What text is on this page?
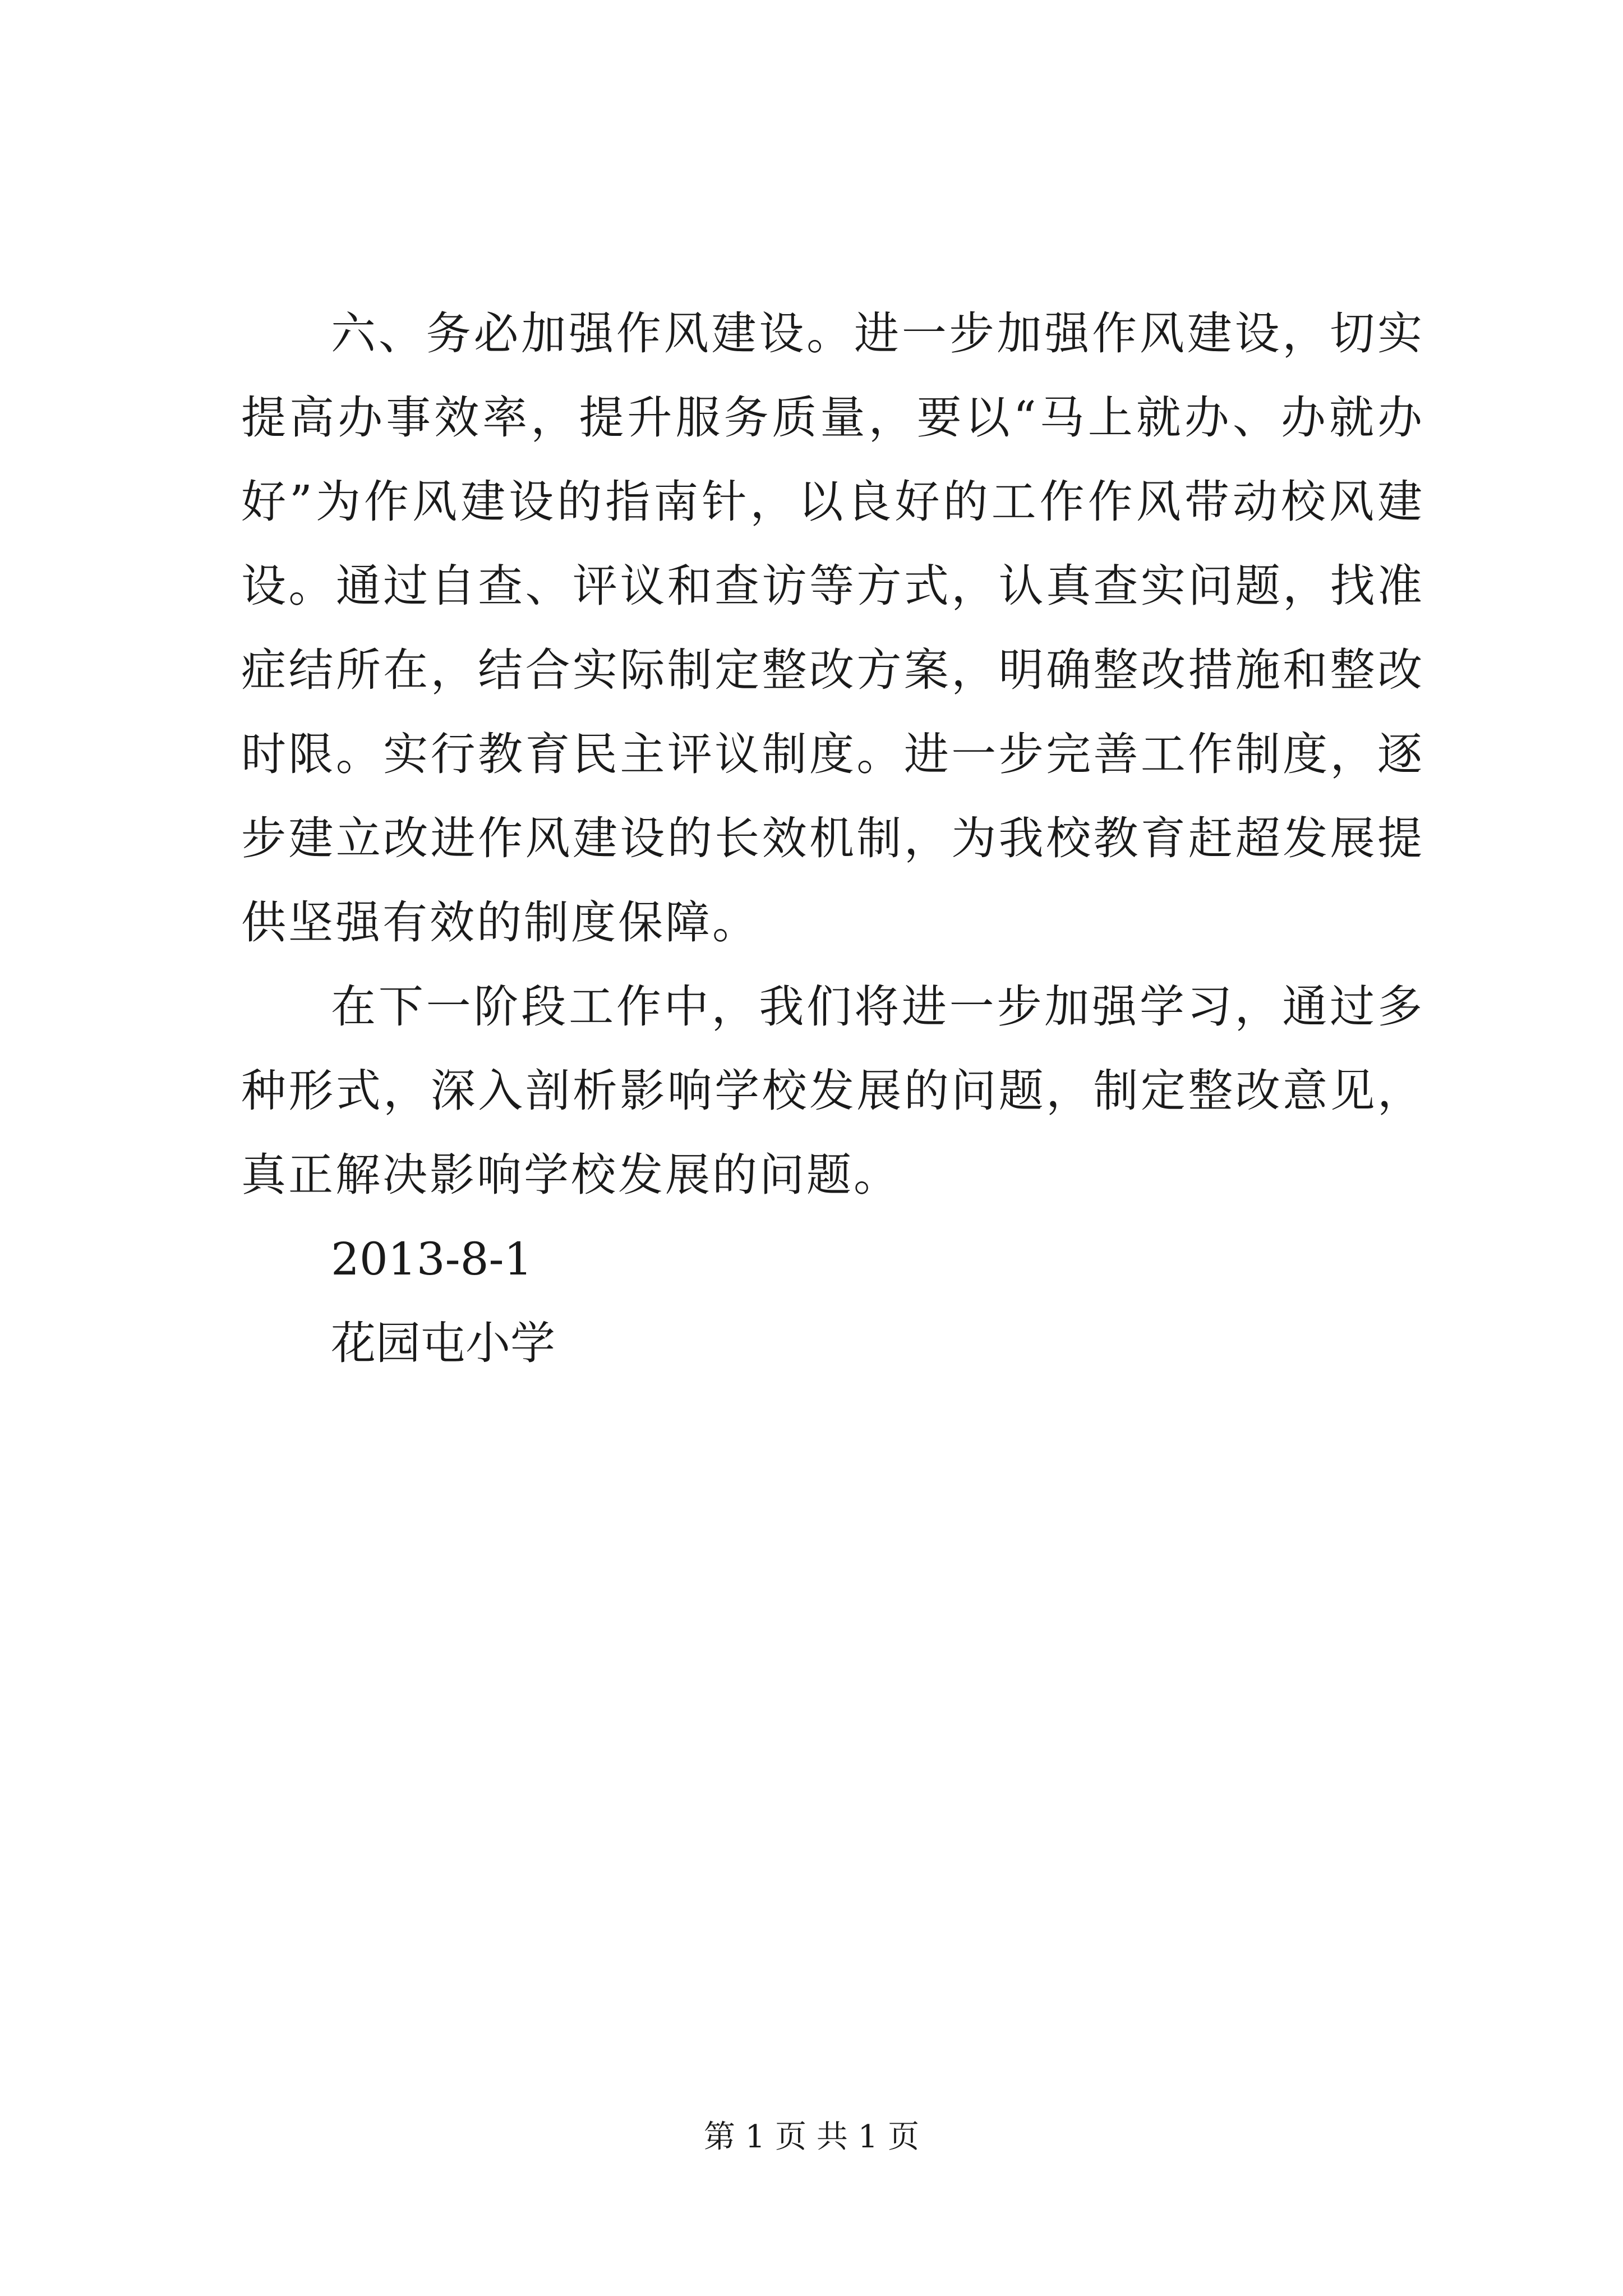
六、务必加强作风建设。进一步加强作风建设，切实提高办事效率，提升服务质量，要以“马上就办、办就办好”为作风建设的指南针，以良好的工作作风带动校风建设。通过自查、评议和查访等方式，认真查实问题，找准症结所在，结合实际制定整改方案，明确整改措施和整改时限。实行教育民主评议制度。进一步完善工作制度，逐步建立改进作风建设的长效机制，为我校教育赶超发展提供坚强有效的制度保障。

在下一阶段工作中，我们将进一步加强学习，通过多种形式，深入剖析影响学校发展的问题，制定整改意见，真正解决影响学校发展的问题。

2013-8-1

花园屯小学

第 1 页 共 1 页
